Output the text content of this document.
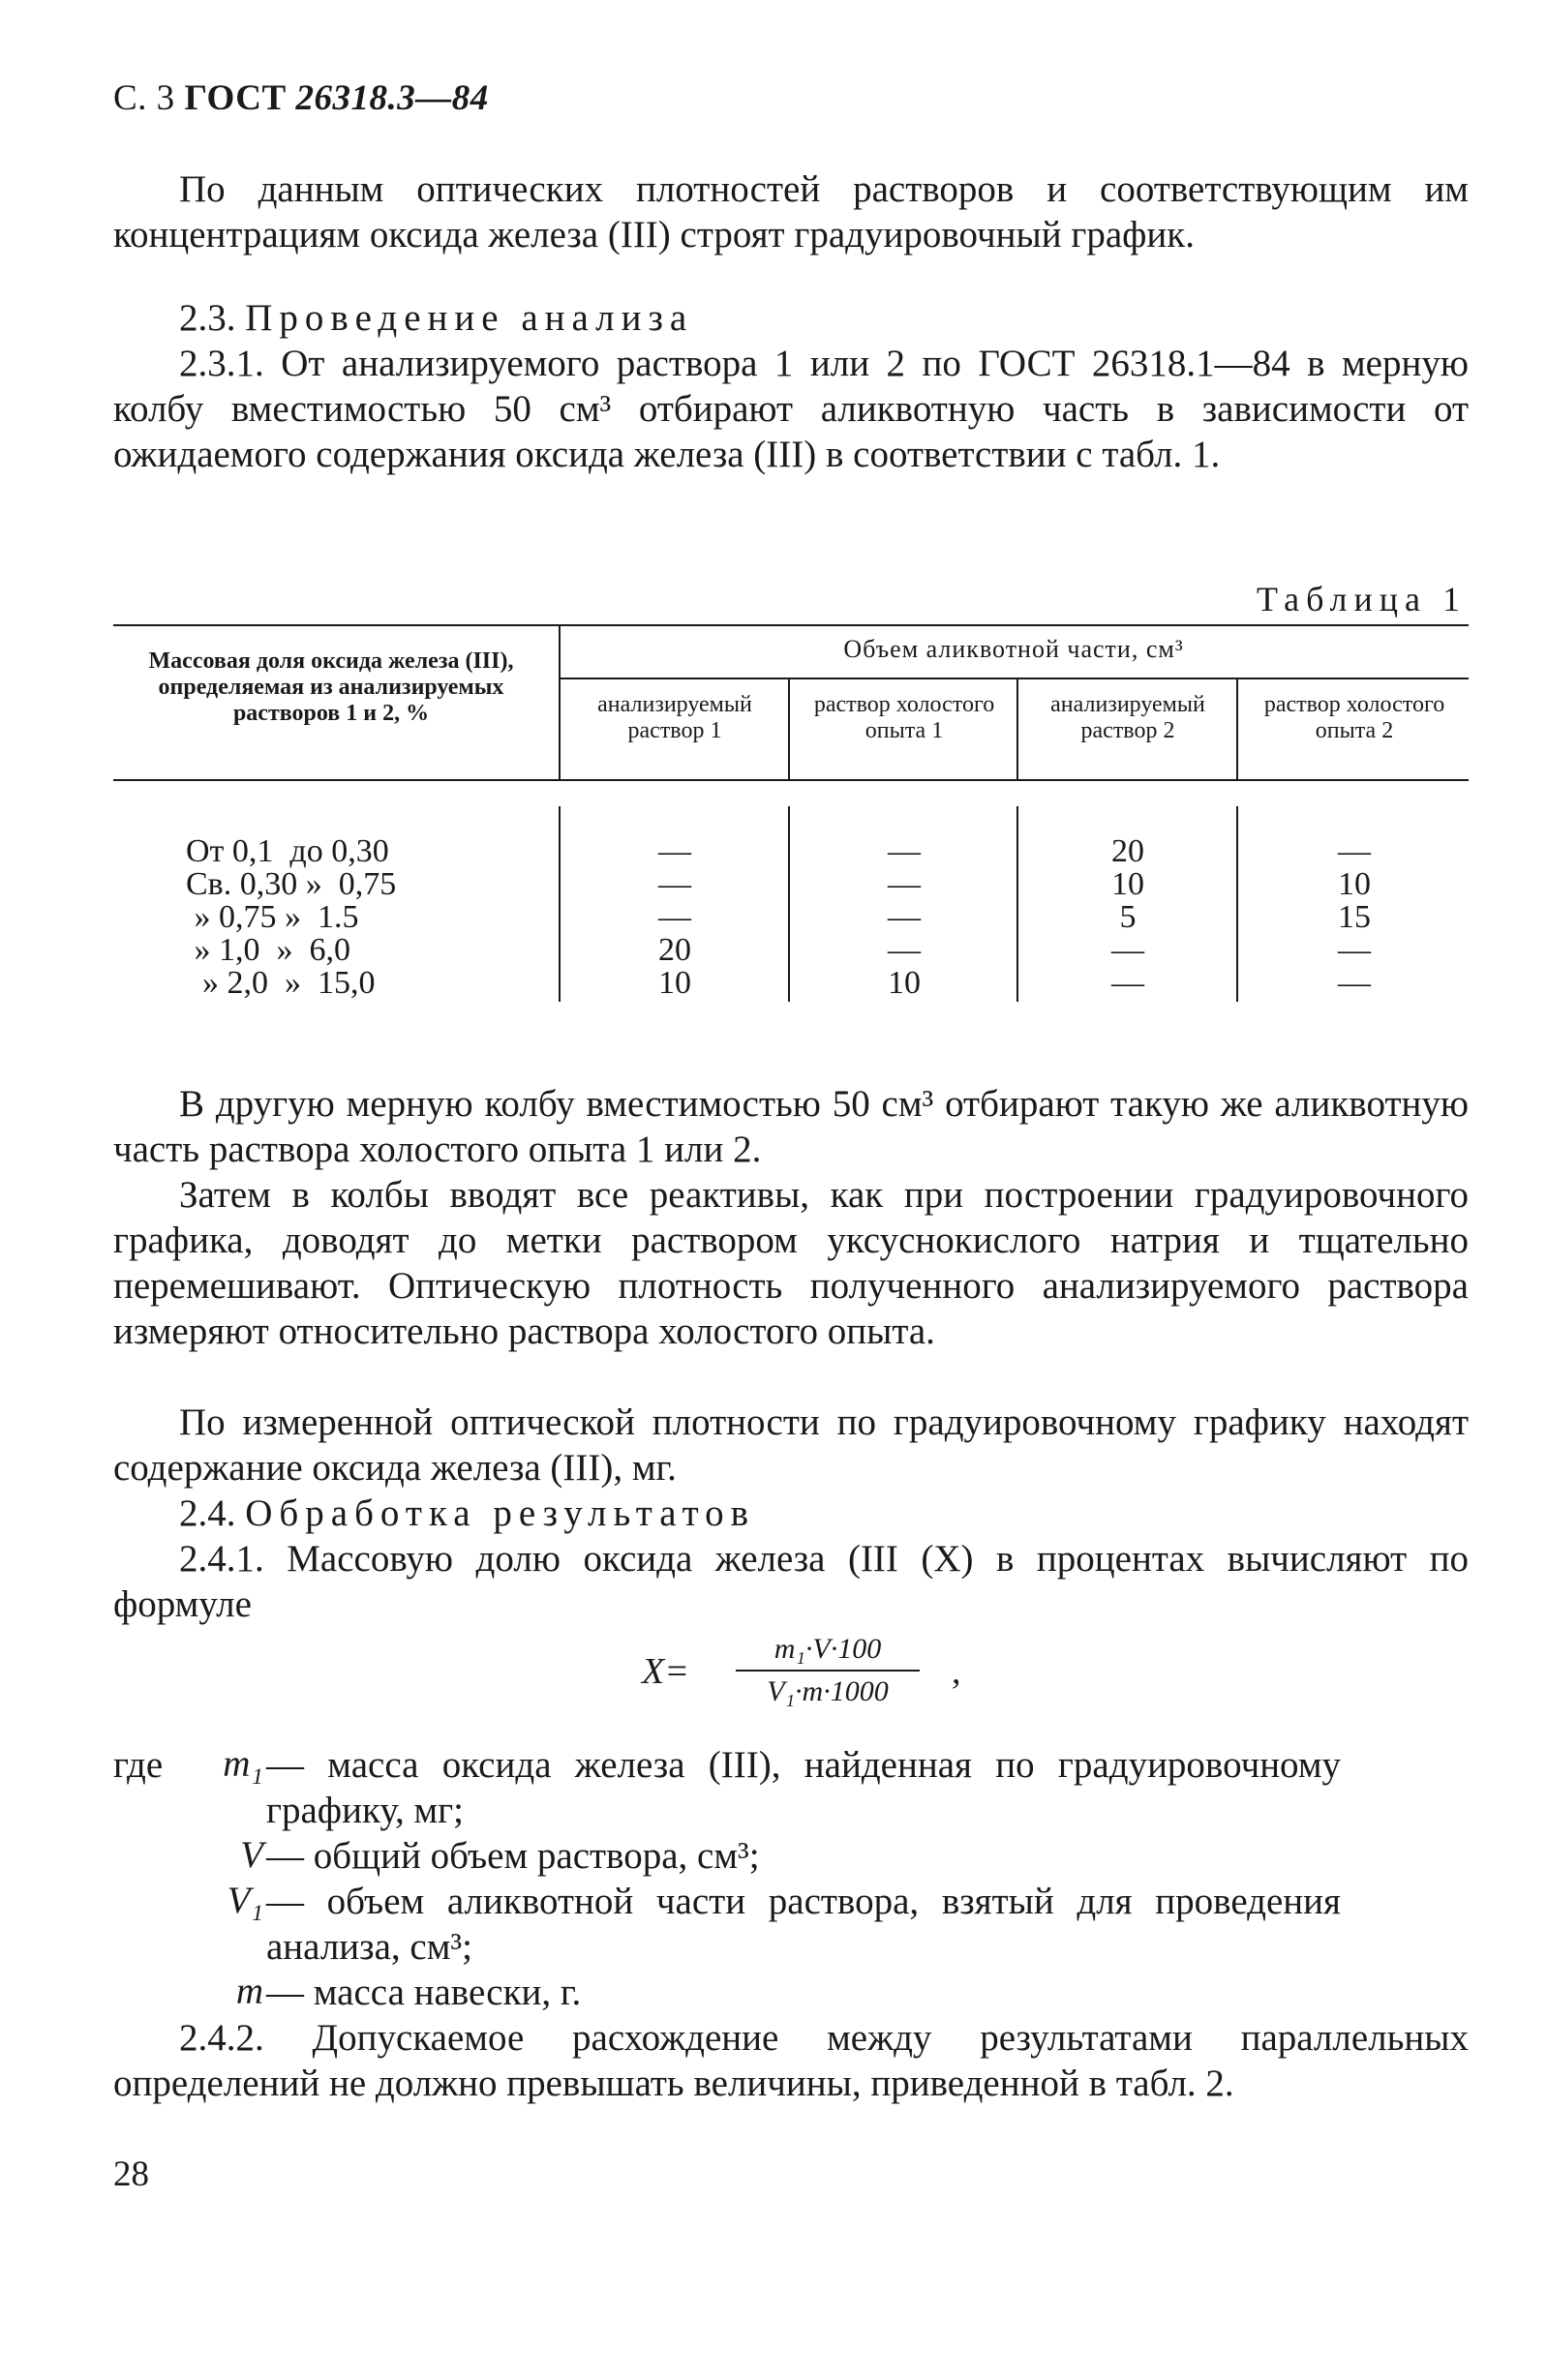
С. 3 ГОСТ 26318.3—84

По данным оптических плотностей растворов и соответствующим им концентрациям оксида железа (III) строят градуировочный график.

2.3. Проведение анализа

2.3.1. От анализируемого раствора 1 или 2 по ГОСТ 26318.1—84 в мерную колбу вместимостью 50 см³ отбирают аликвотную часть в зависимости от ожидаемого содержания оксида железа (III) в соответствии с табл. 1.

Таблица 1
Массовая доля оксида железа (III), определяемая из анализируемых растворов 1 и 2, %
Объем аликвотной части, см³
анализируемый раствор 1
раствор холостого опыта 1
анализируемый раствор 2
раствор холостого опыта 2
От 0,1  до 0,30
Св. 0,30 »  0,75
» 0,75 »  1.5
» 1,0  »  6,0
» 2,0  »  15,0
—
—
—
20
10
—
—
—
—
10
20
10
5
—
—
—
10
15
—
—

В другую мерную колбу вместимостью 50 см³ отбирают такую же аликвотную часть раствора холостого опыта 1 или 2.

Затем в колбы вводят все реактивы, как при построении градуировочного графика, доводят до метки раствором уксуснокислого натрия и тщательно перемешивают. Оптическую плотность полученного анализируемого раствора измеряют относительно раствора холостого опыта.

По измеренной оптической плотности по градуировочному графику находят содержание оксида железа (III), мг.

2.4. Обработка результатов

2.4.1. Массовую долю оксида железа (III (X) в процентах вычисляют по формуле

X=
m₁·V·100
V₁·m·1000	,
где	m₁ — масса оксида железа (III), найденная по градуировочному графику, мг;
V — общий объем раствора, см³;
V₁ — объем аликвотной части раствора, взятый для проведения анализа, см³;
m — масса навески, г.

2.4.2. Допускаемое расхождение между результатами параллельных определений не должно превышать величины, приведенной в табл. 2.

28
